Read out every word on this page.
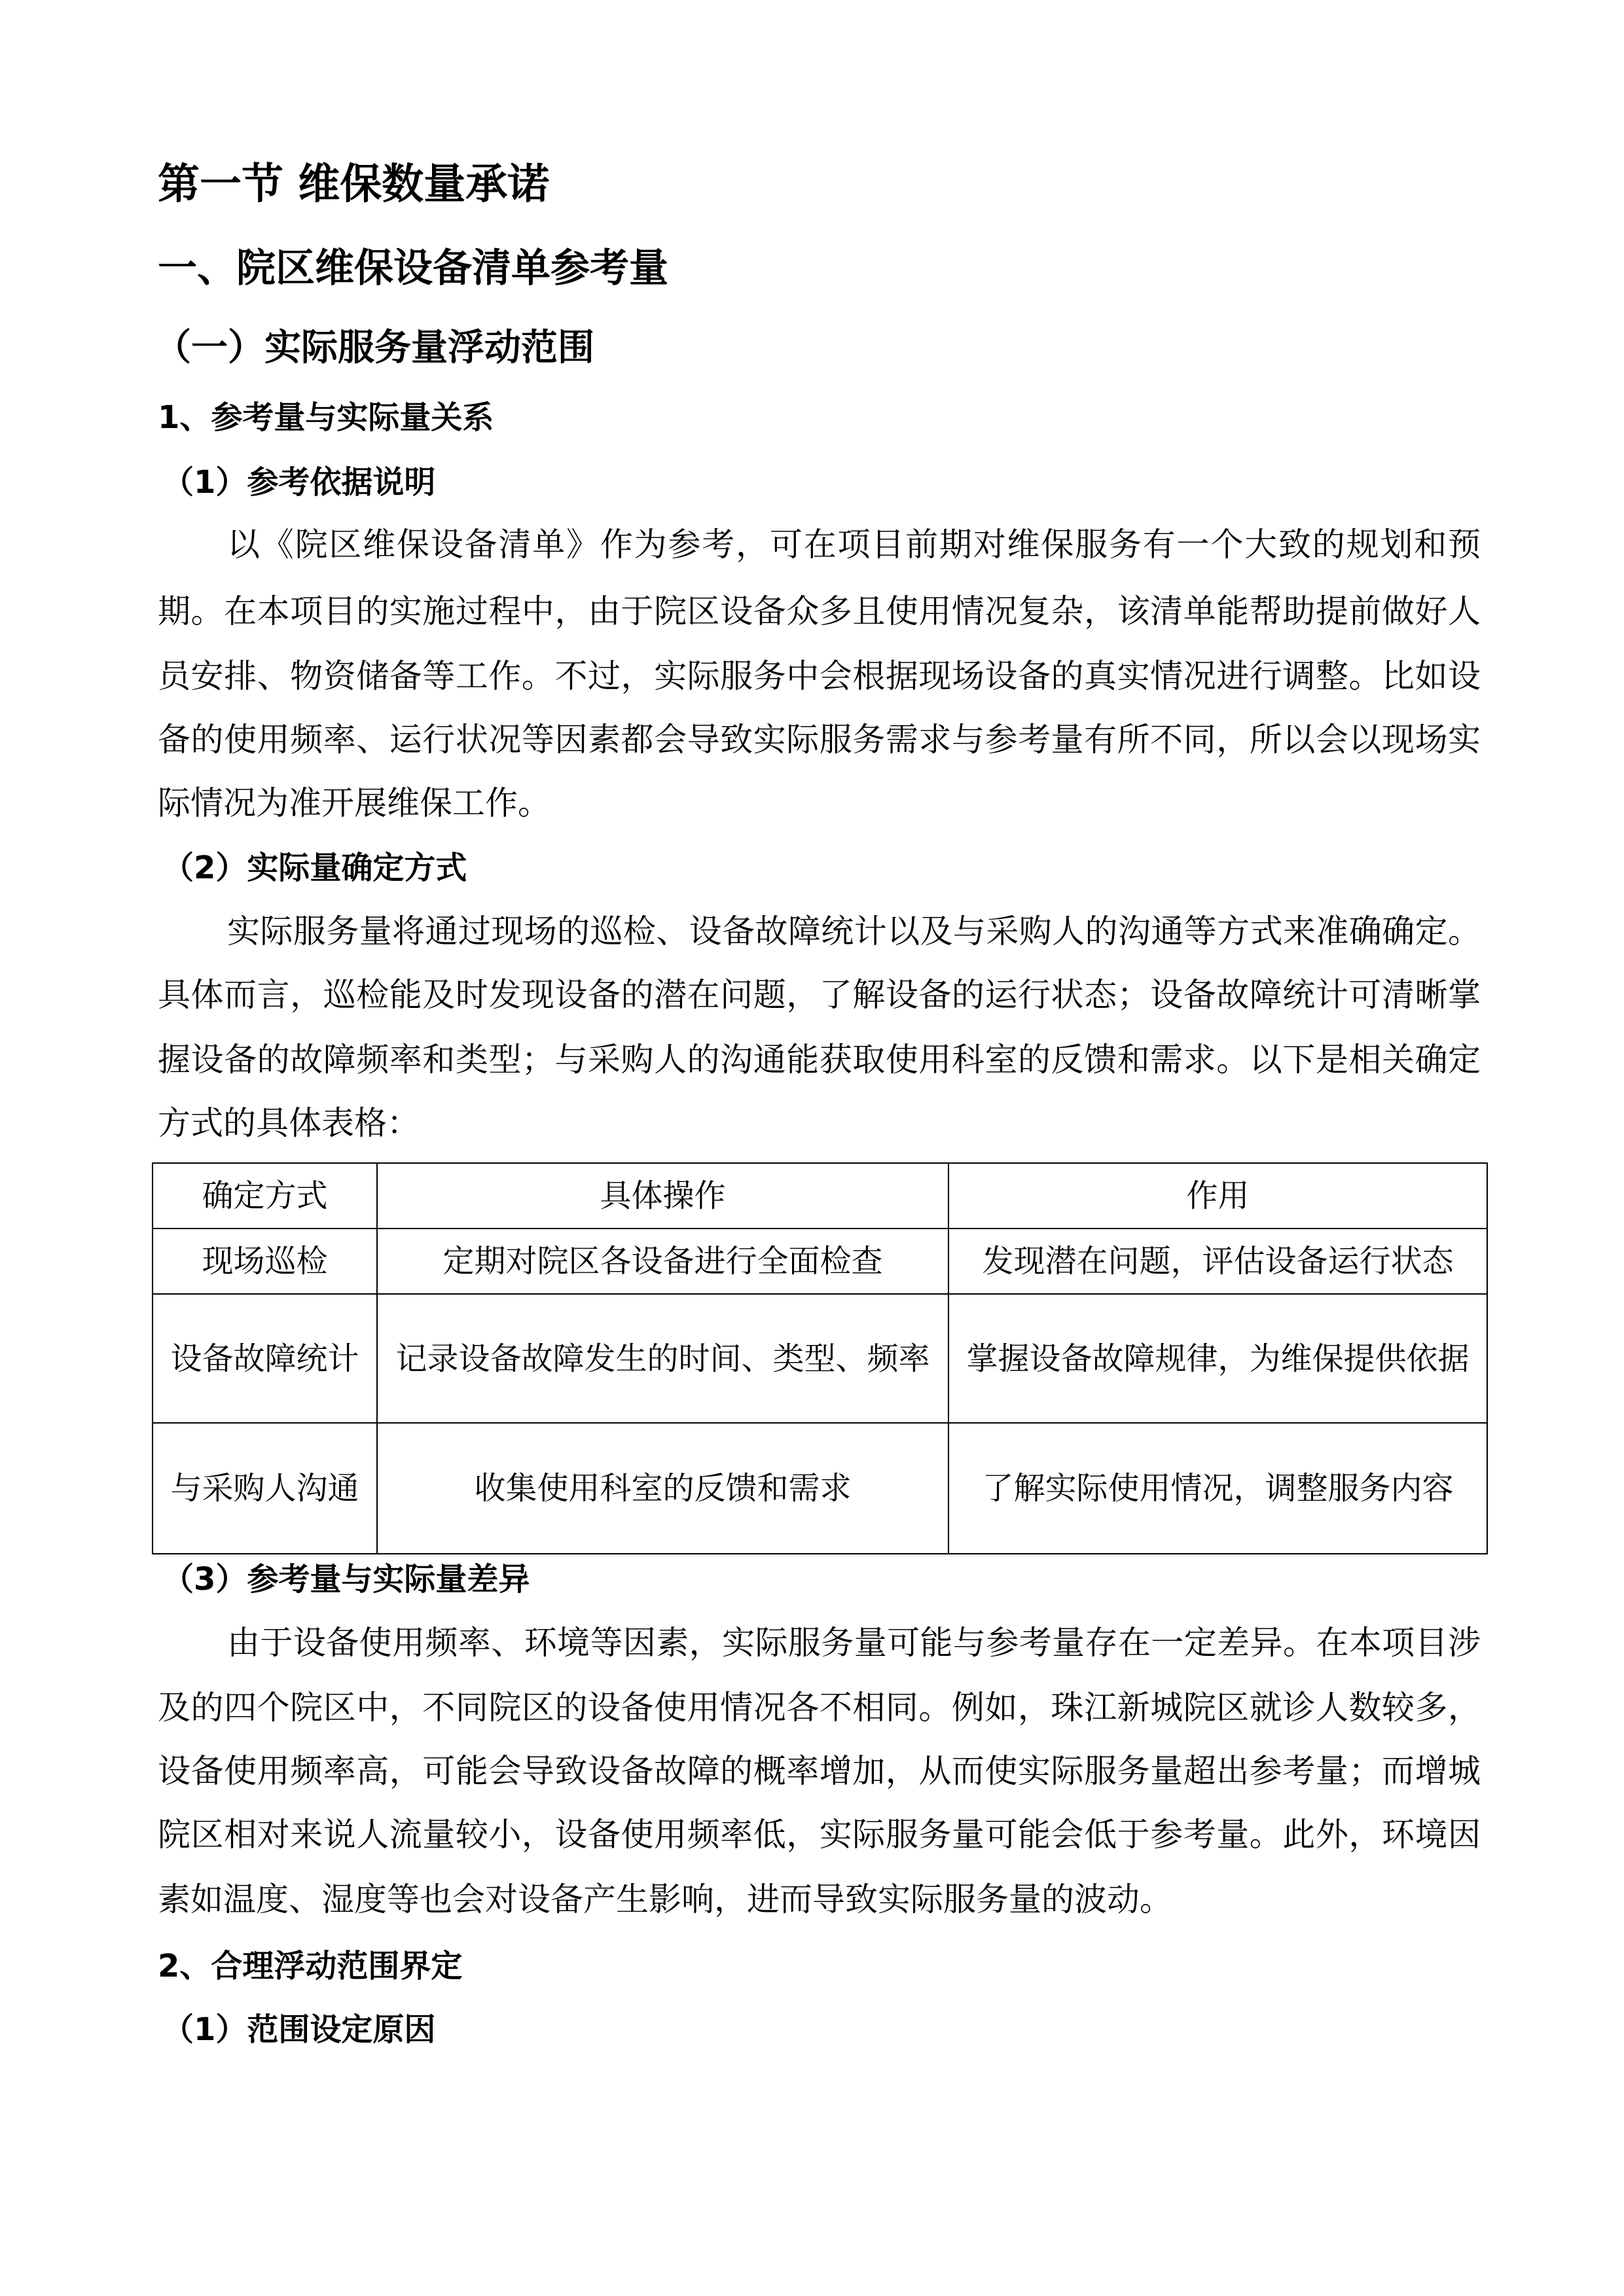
第一节 维保数量承诺
一、院区维保设备清单参考量
（一）实际服务量浮动范围
1、参考量与实际量关系
（1）参考依据说明
以《院区维保设备清单》作为参考，可在项目前期对维保服务有一个大致的规划和预
期。在本项目的实施过程中，由于院区设备众多且使用情况复杂，该清单能帮助提前做好人
员安排、物资储备等工作。不过，实际服务中会根据现场设备的真实情况进行调整。比如设
备的使用频率、运行状况等因素都会导致实际服务需求与参考量有所不同，所以会以现场实
际情况为准开展维保工作。
（2）实际量确定方式
实际服务量将通过现场的巡检、设备故障统计以及与采购人的沟通等方式来准确确定。
具体而言，巡检能及时发现设备的潜在问题，了解设备的运行状态；设备故障统计可清晰掌
握设备的故障频率和类型；与采购人的沟通能获取使用科室的反馈和需求。以下是相关确定
方式的具体表格：
确定方式	具体操作	作用
现场巡检	定期对院区各设备进行全面检查	发现潜在问题，评估设备运行状态
设备故障统计	记录设备故障发生的时间、类型、频率	掌握设备故障规律，为维保提供依据
与采购人沟通	收集使用科室的反馈和需求	了解实际使用情况，调整服务内容
（3）参考量与实际量差异
由于设备使用频率、环境等因素，实际服务量可能与参考量存在一定差异。在本项目涉
及的四个院区中，不同院区的设备使用情况各不相同。例如，珠江新城院区就诊人数较多，
设备使用频率高，可能会导致设备故障的概率增加，从而使实际服务量超出参考量；而增城
院区相对来说人流量较小，设备使用频率低，实际服务量可能会低于参考量。此外，环境因
素如温度、湿度等也会对设备产生影响，进而导致实际服务量的波动。
2、合理浮动范围界定
（1）范围设定原因
